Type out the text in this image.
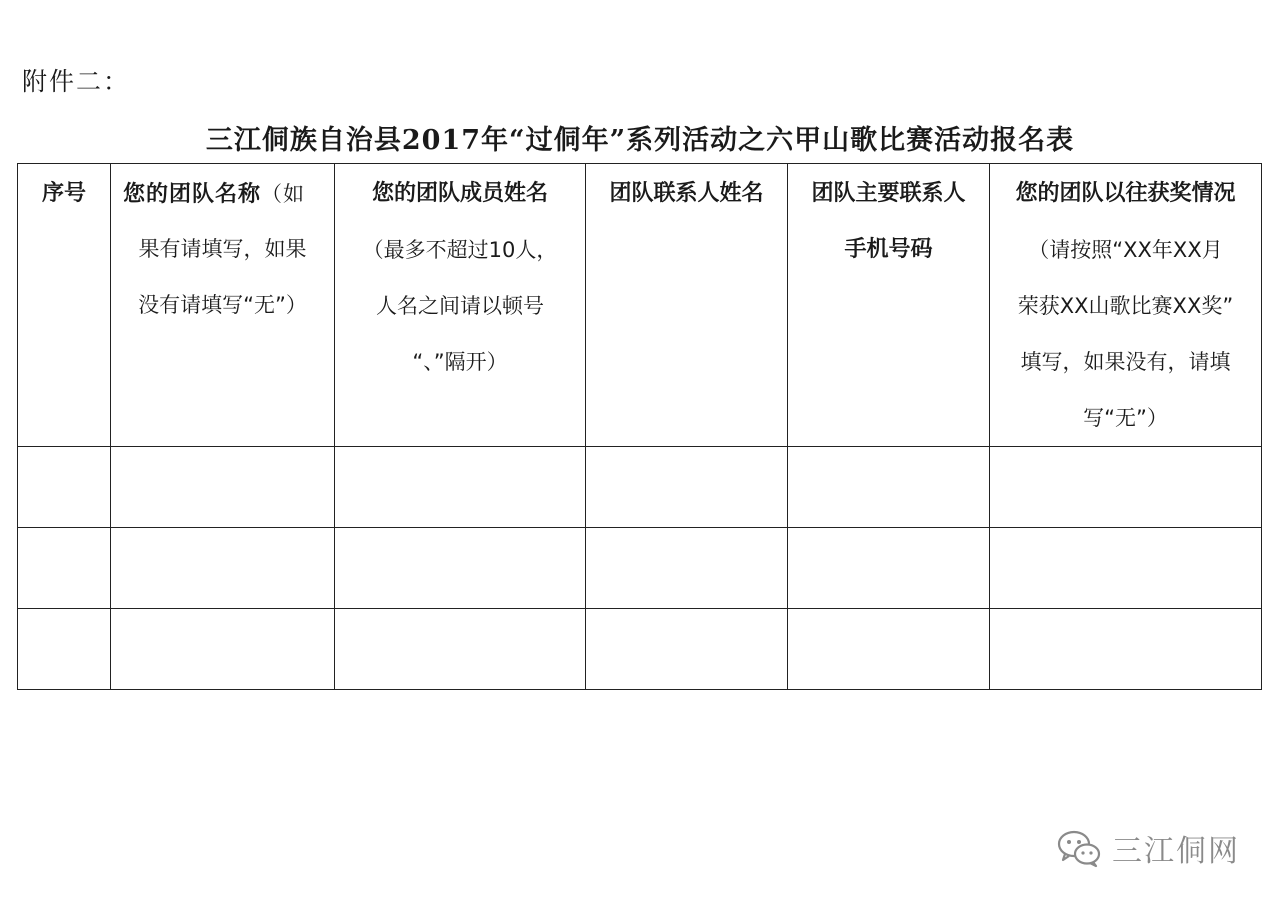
附件二：
三江侗族自治县2017年“过侗年”系列活动之六甲山歌比赛活动报名表
序号	您的团队名称（如
果有请填写，如果
没有请填写“无”）	您的团队成员姓名
（最多不超过10人，
人名之间请以顿号
“、”隔开）	团队联系人姓名	团队主要联系人
手机号码	您的团队以往获奖情况
（请按照“XX年XX月
荣获XX山歌比赛XX奖”
填写，如果没有，请填
写“无”）

三江侗网
